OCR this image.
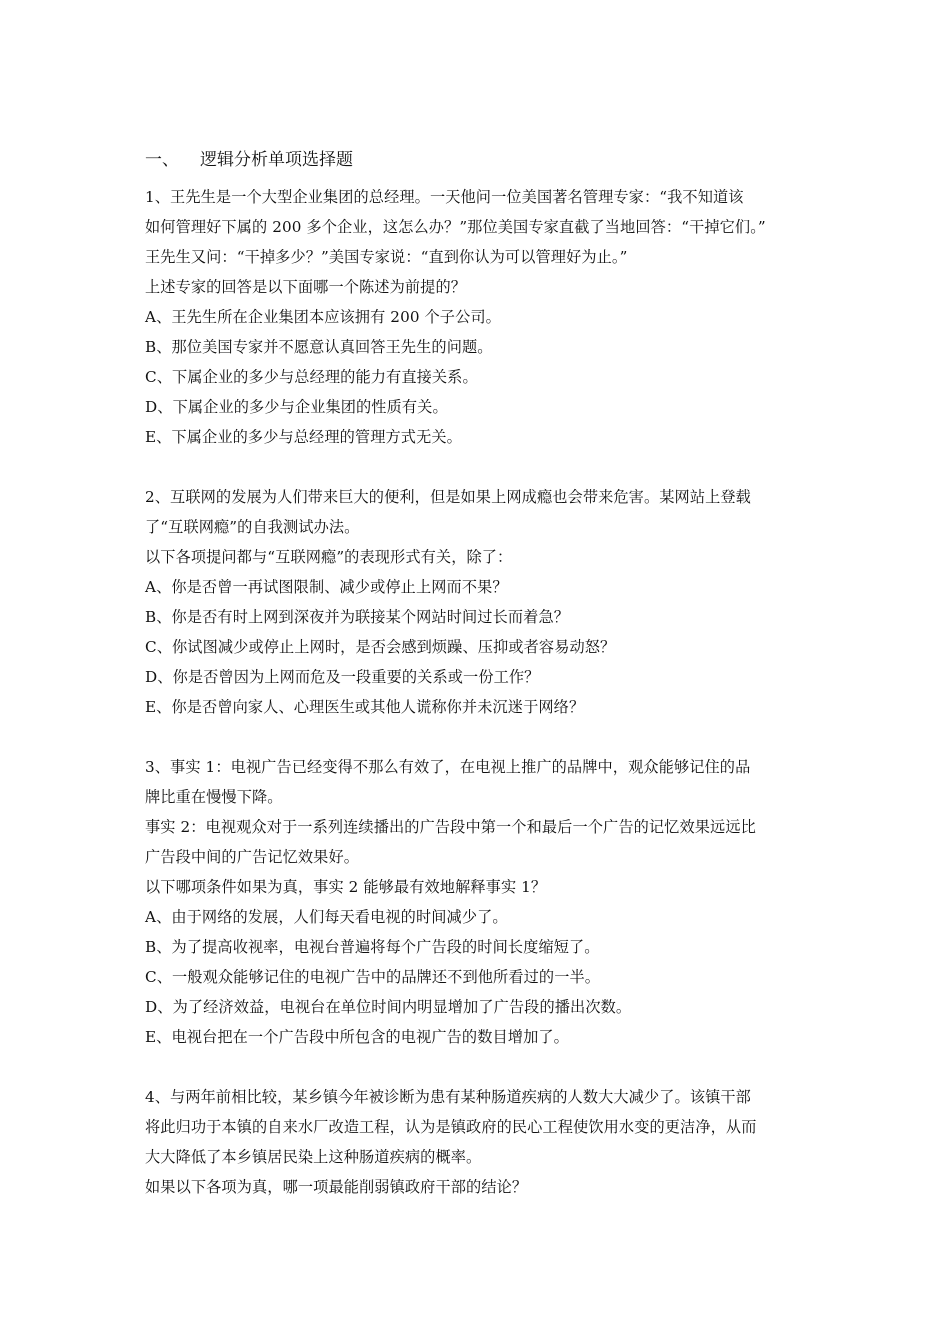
一、	逻辑分析单项选择题
1、王先生是一个大型企业集团的总经理。一天他问一位美国著名管理专家：“我不知道该
如何管理好下属的 200 多个企业，这怎么办？”那位美国专家直截了当地回答：“干掉它们。”
王先生又问：“干掉多少？”美国专家说：“直到你认为可以管理好为止。”
上述专家的回答是以下面哪一个陈述为前提的？
A、王先生所在企业集团本应该拥有 200 个子公司。
B、那位美国专家并不愿意认真回答王先生的问题。
C、下属企业的多少与总经理的能力有直接关系。
D、下属企业的多少与企业集团的性质有关。
E、下属企业的多少与总经理的管理方式无关。
2、互联网的发展为人们带来巨大的便利，但是如果上网成瘾也会带来危害。某网站上登载
了“互联网瘾”的自我测试办法。
以下各项提问都与“互联网瘾”的表现形式有关，除了：
A、你是否曾一再试图限制、减少或停止上网而不果？
B、你是否有时上网到深夜并为联接某个网站时间过长而着急？
C、你试图减少或停止上网时，是否会感到烦躁、压抑或者容易动怒？
D、你是否曾因为上网而危及一段重要的关系或一份工作？
E、你是否曾向家人、心理医生或其他人谎称你并未沉迷于网络？
3、事实 1：电视广告已经变得不那么有效了，在电视上推广的品牌中，观众能够记住的品
牌比重在慢慢下降。
事实 2：电视观众对于一系列连续播出的广告段中第一个和最后一个广告的记忆效果远远比
广告段中间的广告记忆效果好。
以下哪项条件如果为真，事实 2 能够最有效地解释事实 1？
A、由于网络的发展，人们每天看电视的时间减少了。
B、为了提高收视率，电视台普遍将每个广告段的时间长度缩短了。
C、一般观众能够记住的电视广告中的品牌还不到他所看过的一半。
D、为了经济效益，电视台在单位时间内明显增加了广告段的播出次数。
E、电视台把在一个广告段中所包含的电视广告的数目增加了。
4、与两年前相比较，某乡镇今年被诊断为患有某种肠道疾病的人数大大减少了。该镇干部
将此归功于本镇的自来水厂改造工程，认为是镇政府的民心工程使饮用水变的更洁净，从而
大大降低了本乡镇居民染上这种肠道疾病的概率。
如果以下各项为真，哪一项最能削弱镇政府干部的结论？
